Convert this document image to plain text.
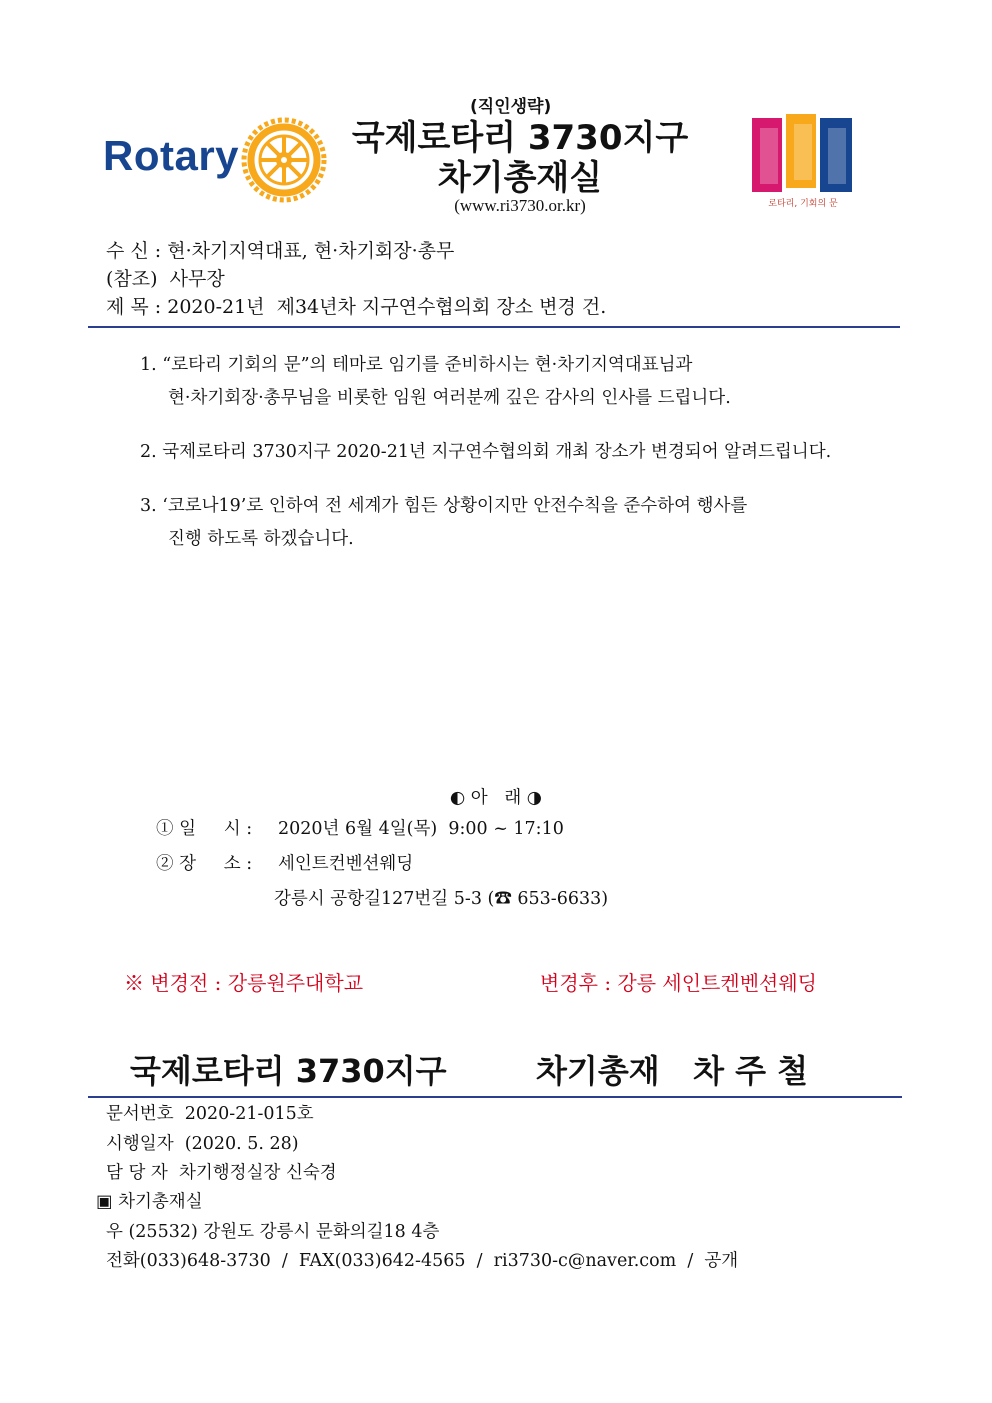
Rotary
(직인생략)
국제로타리 3730지구
차기총재실
(www.ri3730.or.kr)	로타리, 기회의 문
수 신 : 현·차기지역대표, 현·차기회장·총무
(참조)  사무장
제 목 : 2020-21년  제34년차 지구연수협의회 장소 변경 건.
1. “로타리 기회의 문”의 테마로 임기를 준비하시는 현·차기지역대표님과
현·차기회장·총무님을 비롯한 임원 여러분께 깊은 감사의 인사를 드립니다.
2. 국제로타리 3730지구 2020-21년 지구연수협의회 개최 장소가 변경되어 알려드립니다.
3. ‘코로나19’로 인하여 전 세계가 힘든 상황이지만 안전수칙을 준수하여 행사를
진행 하도록 하겠습니다.
◐ 아   래 ◑
① 일     시 : 2020년 6월 4일(목)  9:00 ~ 17:10
② 장     소 : 세인트컨벤션웨딩
강릉시 공항길127번길 5-3 (☎ 653-6633)
※ 변경전 : 강릉원주대학교	변경후 : 강릉 세인트켄벤션웨딩
국제로타리 3730지구	차기총재   차 주 철
문서번호  2020-21-015호
시행일자  (2020. 5. 28)
담 당 자  차기행정실장 신숙경
▣ 차기총재실
우 (25532) 강원도 강릉시 문화의길18 4층
전화(033)648-3730  /  FAX(033)642-4565  /  ri3730-c@naver.com  /  공개
